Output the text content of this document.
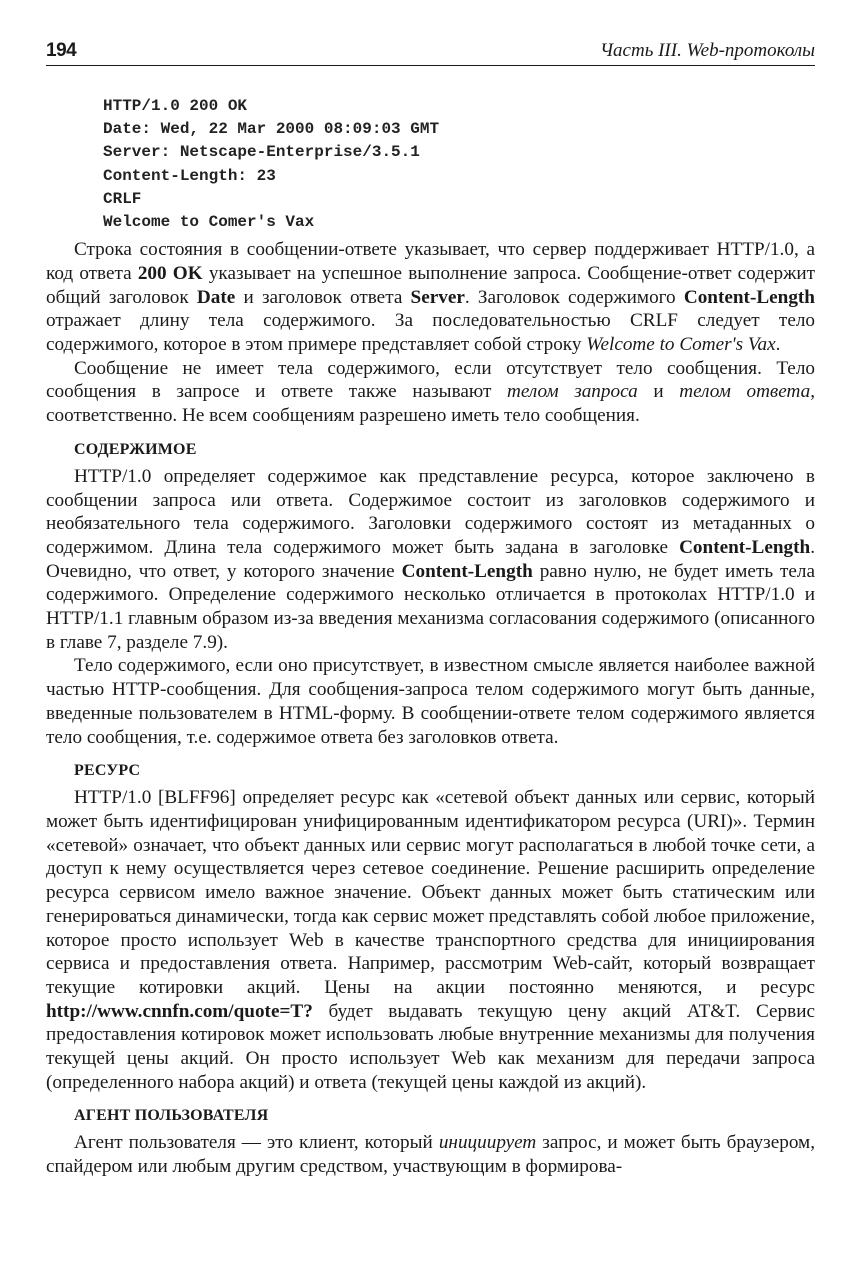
194	Часть III. Web-протоколы
HTTP/1.0 200 OK
Date: Wed, 22 Mar 2000 08:09:03 GMT
Server: Netscape-Enterprise/3.5.1
Content-Length: 23
CRLF
Welcome to Comer's Vax

Строка состояния в сообщении-ответе указывает, что сервер поддерживает HTTP/1.0, а код ответа 200 OK указывает на успешное выполнение запроса. Сообщение-ответ содержит общий заголовок Date и заголовок ответа Server. Заголовок содержимого Content-Length отражает длину тела содержимого. За последовательностью CRLF следует тело содержимого, которое в этом примере представляет собой строку Welcome to Comer's Vax.

Сообщение не имеет тела содержимого, если отсутствует тело сообщения. Тело сообщения в запросе и ответе также называют телом запроса и телом ответа, соответственно. Не всем сообщениям разрешено иметь тело сообщения.

СОДЕРЖИМОЕ

HTTP/1.0 определяет содержимое как представление ресурса, которое заключено в сообщении запроса или ответа. Содержимое состоит из заголовков содержимого и необязательного тела содержимого. Заголовки содержимого состоят из метаданных о содержимом. Длина тела содержимого может быть задана в заголовке Content-Length. Очевидно, что ответ, у которого значение Content-Length равно нулю, не будет иметь тела содержимого. Определение содержимого несколько отличается в протоколах HTTP/1.0 и HTTP/1.1 главным образом из-за введения механизма согласования содержимого (описанного в главе 7, разделе 7.9).

Тело содержимого, если оно присутствует, в известном смысле является наиболее важной частью HTTP-сообщения. Для сообщения-запроса телом содержимого могут быть данные, введенные пользователем в HTML-форму. В сообщении-ответе телом содержимого является тело сообщения, т.е. содержимое ответа без заголовков ответа.

РЕСУРС

HTTP/1.0 [BLFF96] определяет ресурс как «сетевой объект данных или сервис, который может быть идентифицирован унифицированным идентификатором ресурса (URI)». Термин «сетевой» означает, что объект данных или сервис могут располагаться в любой точке сети, а доступ к нему осуществляется через сетевое соединение. Решение расширить определение ресурса сервисом имело важное значение. Объект данных может быть статическим или генерироваться динамически, тогда как сервис может представлять собой любое приложение, которое просто использует Web в качестве транспортного средства для инициирования сервиса и предоставления ответа. Например, рассмотрим Web-сайт, который возвращает текущие котировки акций. Цены на акции постоянно меняются, и ресурс http://www.cnnfn.com/quote=T? будет выдавать текущую цену акций AT&T. Сервис предоставления котировок может использовать любые внутренние механизмы для получения текущей цены акций. Он просто использует Web как механизм для передачи запроса (определенного набора акций) и ответа (текущей цены каждой из акций).

АГЕНТ ПОЛЬЗОВАТЕЛЯ

Агент пользователя — это клиент, который инициирует запрос, и может быть браузером, спайдером или любым другим средством, участвующим в формирова-
